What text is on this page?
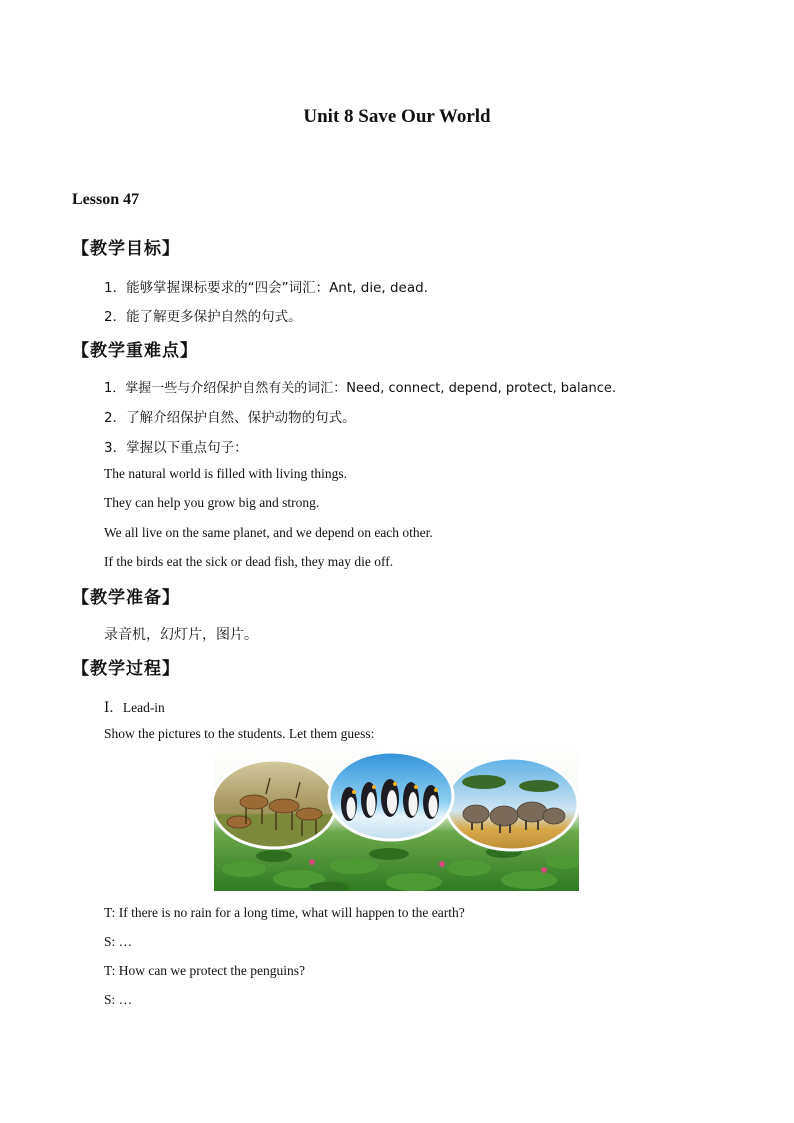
Unit 8 Save Our World
Lesson 47
【教学目标】
1．能够掌握课标要求的“四会”词汇：Ant, die, dead.
2．能了解更多保护自然的句式。
【教学重难点】
1．掌握一些与介绍保护自然有关的词汇：Need, connect, depend, protect, balance.
2．了解介绍保护自然、保护动物的句式。
3．掌握以下重点句子：
The natural world is filled with living things.
They can help you grow big and strong.
We all live on the same planet, and we depend on each other.
If the birds eat the sick or dead fish, they may die off.
【教学准备】
录音机，幻灯片，图片。
【教学过程】
Ⅰ．Lead-in
Show the pictures to the students. Let them guess:
T: If there is no rain for a long time, what will happen to the earth?
S: …
T: How can we protect the penguins?
S: …
